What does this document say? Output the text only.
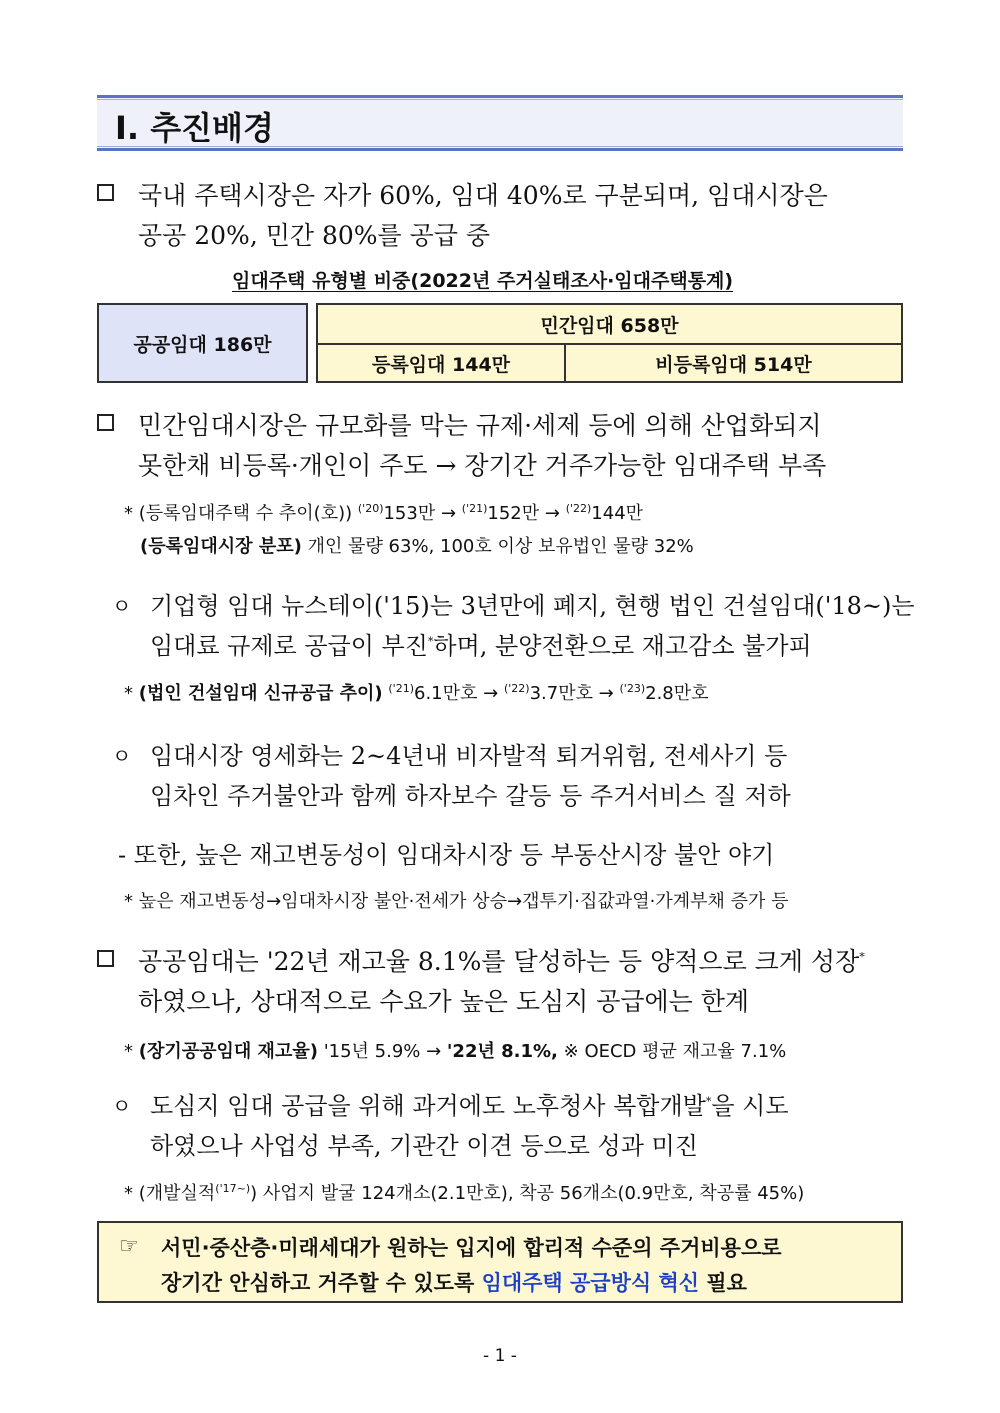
Ⅰ. 추진배경
국내 주택시장은 자가 60%, 임대 40%로 구분되며, 임대시장은
공공 20%, 민간 80%를 공급 중
임대주택 유형별 비중(2022년 주거실태조사·임대주택통계)
공공임대 186만
민간임대 658만
등록임대 144만	비등록임대 514만
민간임대시장은 규모화를 막는 규제·세제 등에 의해 산업화되지
못한채 비등록·개인이 주도 → 장기간 거주가능한 임대주택 부족
* (등록임대주택 수 추이(호)) $^{('20)}$153만 → $^{('21)}$152만 → $^{('22)}$144만
(등록임대시장 분포) 개인 물량 63%, 100호 이상 보유법인 물량 32%
ㅇ 기업형 임대 뉴스테이('15)는 3년만에 폐지, 현행 법인 건설임대('18~)는
임대료 규제로 공급이 부진*하며, 분양전환으로 재고감소 불가피
* (법인 건설임대 신규공급 추이) $^{('21)}$6.1만호 → $^{('22)}$3.7만호 → $^{('23)}$2.8만호
ㅇ 임대시장 영세화는 2~4년내 비자발적 퇴거위험, 전세사기 등
임차인 주거불안과 함께 하자보수 갈등 등 주거서비스 질 저하
- 또한, 높은 재고변동성이 임대차시장 등 부동산시장 불안 야기
* 높은 재고변동성→임대차시장 불안·전세가 상승→갭투기·집값과열·가계부채 증가 등
공공임대는 '22년 재고율 8.1%를 달성하는 등 양적으로 크게 성장*
하였으나, 상대적으로 수요가 높은 도심지 공급에는 한계
* (장기공공임대 재고율) '15년 5.9% → '22년 8.1%, ※ OECD 평균 재고율 7.1%
ㅇ 도심지 임대 공급을 위해 과거에도 노후청사 복합개발*을 시도
하였으나 사업성 부족, 기관간 이견 등으로 성과 미진
* (개발실적$^{('17\sim)}$) 사업지 발굴 124개소(2.1만호), 착공 56개소(0.9만호, 착공률 45%)
☞ 서민·중산층·미래세대가 원하는 입지에 합리적 수준의 주거비용으로
장기간 안심하고 거주할 수 있도록 임대주택 공급방식 혁신 필요
- 1 -
